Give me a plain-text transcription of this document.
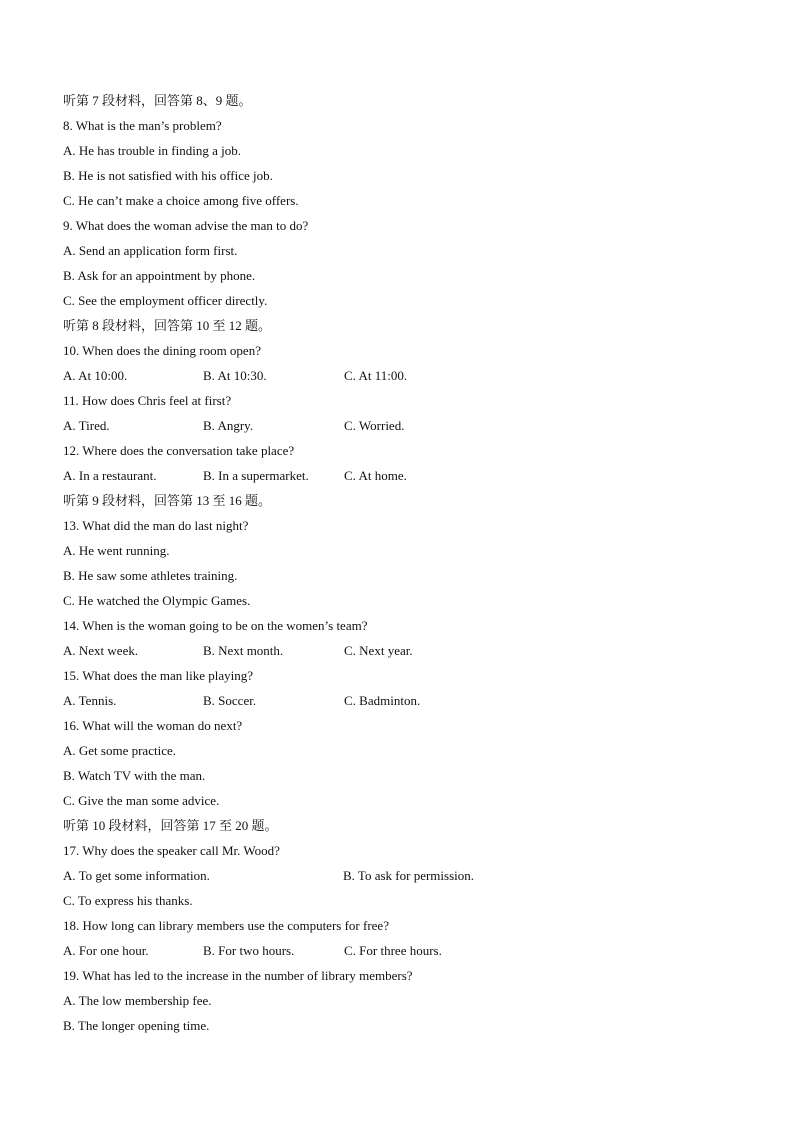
听第 7 段材料，回答第 8、9 题。
8. What is the man’s problem?
A. He has trouble in finding a job.
B. He is not satisfied with his office job.
C. He can’t make a choice among five offers.
9. What does the woman advise the man to do?
A. Send an application form first.
B. Ask for an appointment by phone.
C. See the employment officer directly.
听第 8 段材料，回答第 10 至 12 题。
10. When does the dining room open?
A. At 10:00.	B. At 10:30.	C. At 11:00.
11. How does Chris feel at first?
A. Tired.	B. Angry.	C. Worried.
12. Where does the conversation take place?
A. In a restaurant.	B. In a supermarket.	C. At home.
听第 9 段材料，回答第 13 至 16 题。
13. What did the man do last night?
A. He went running.
B. He saw some athletes training.
C. He watched the Olympic Games.
14. When is the woman going to be on the women’s team?
A. Next week.	B. Next month.	C. Next year.
15. What does the man like playing?
A. Tennis.	B. Soccer.	C. Badminton.
16. What will the woman do next?
A. Get some practice.
B. Watch TV with the man.
C. Give the man some advice.
听第 10 段材料，回答第 17 至 20 题。
17. Why does the speaker call Mr. Wood?
A. To get some information.	B. To ask for permission.
C. To express his thanks.
18. How long can library members use the computers for free?
A. For one hour.	B. For two hours.	C. For three hours.
19. What has led to the increase in the number of library members?
A. The low membership fee.
B. The longer opening time.
